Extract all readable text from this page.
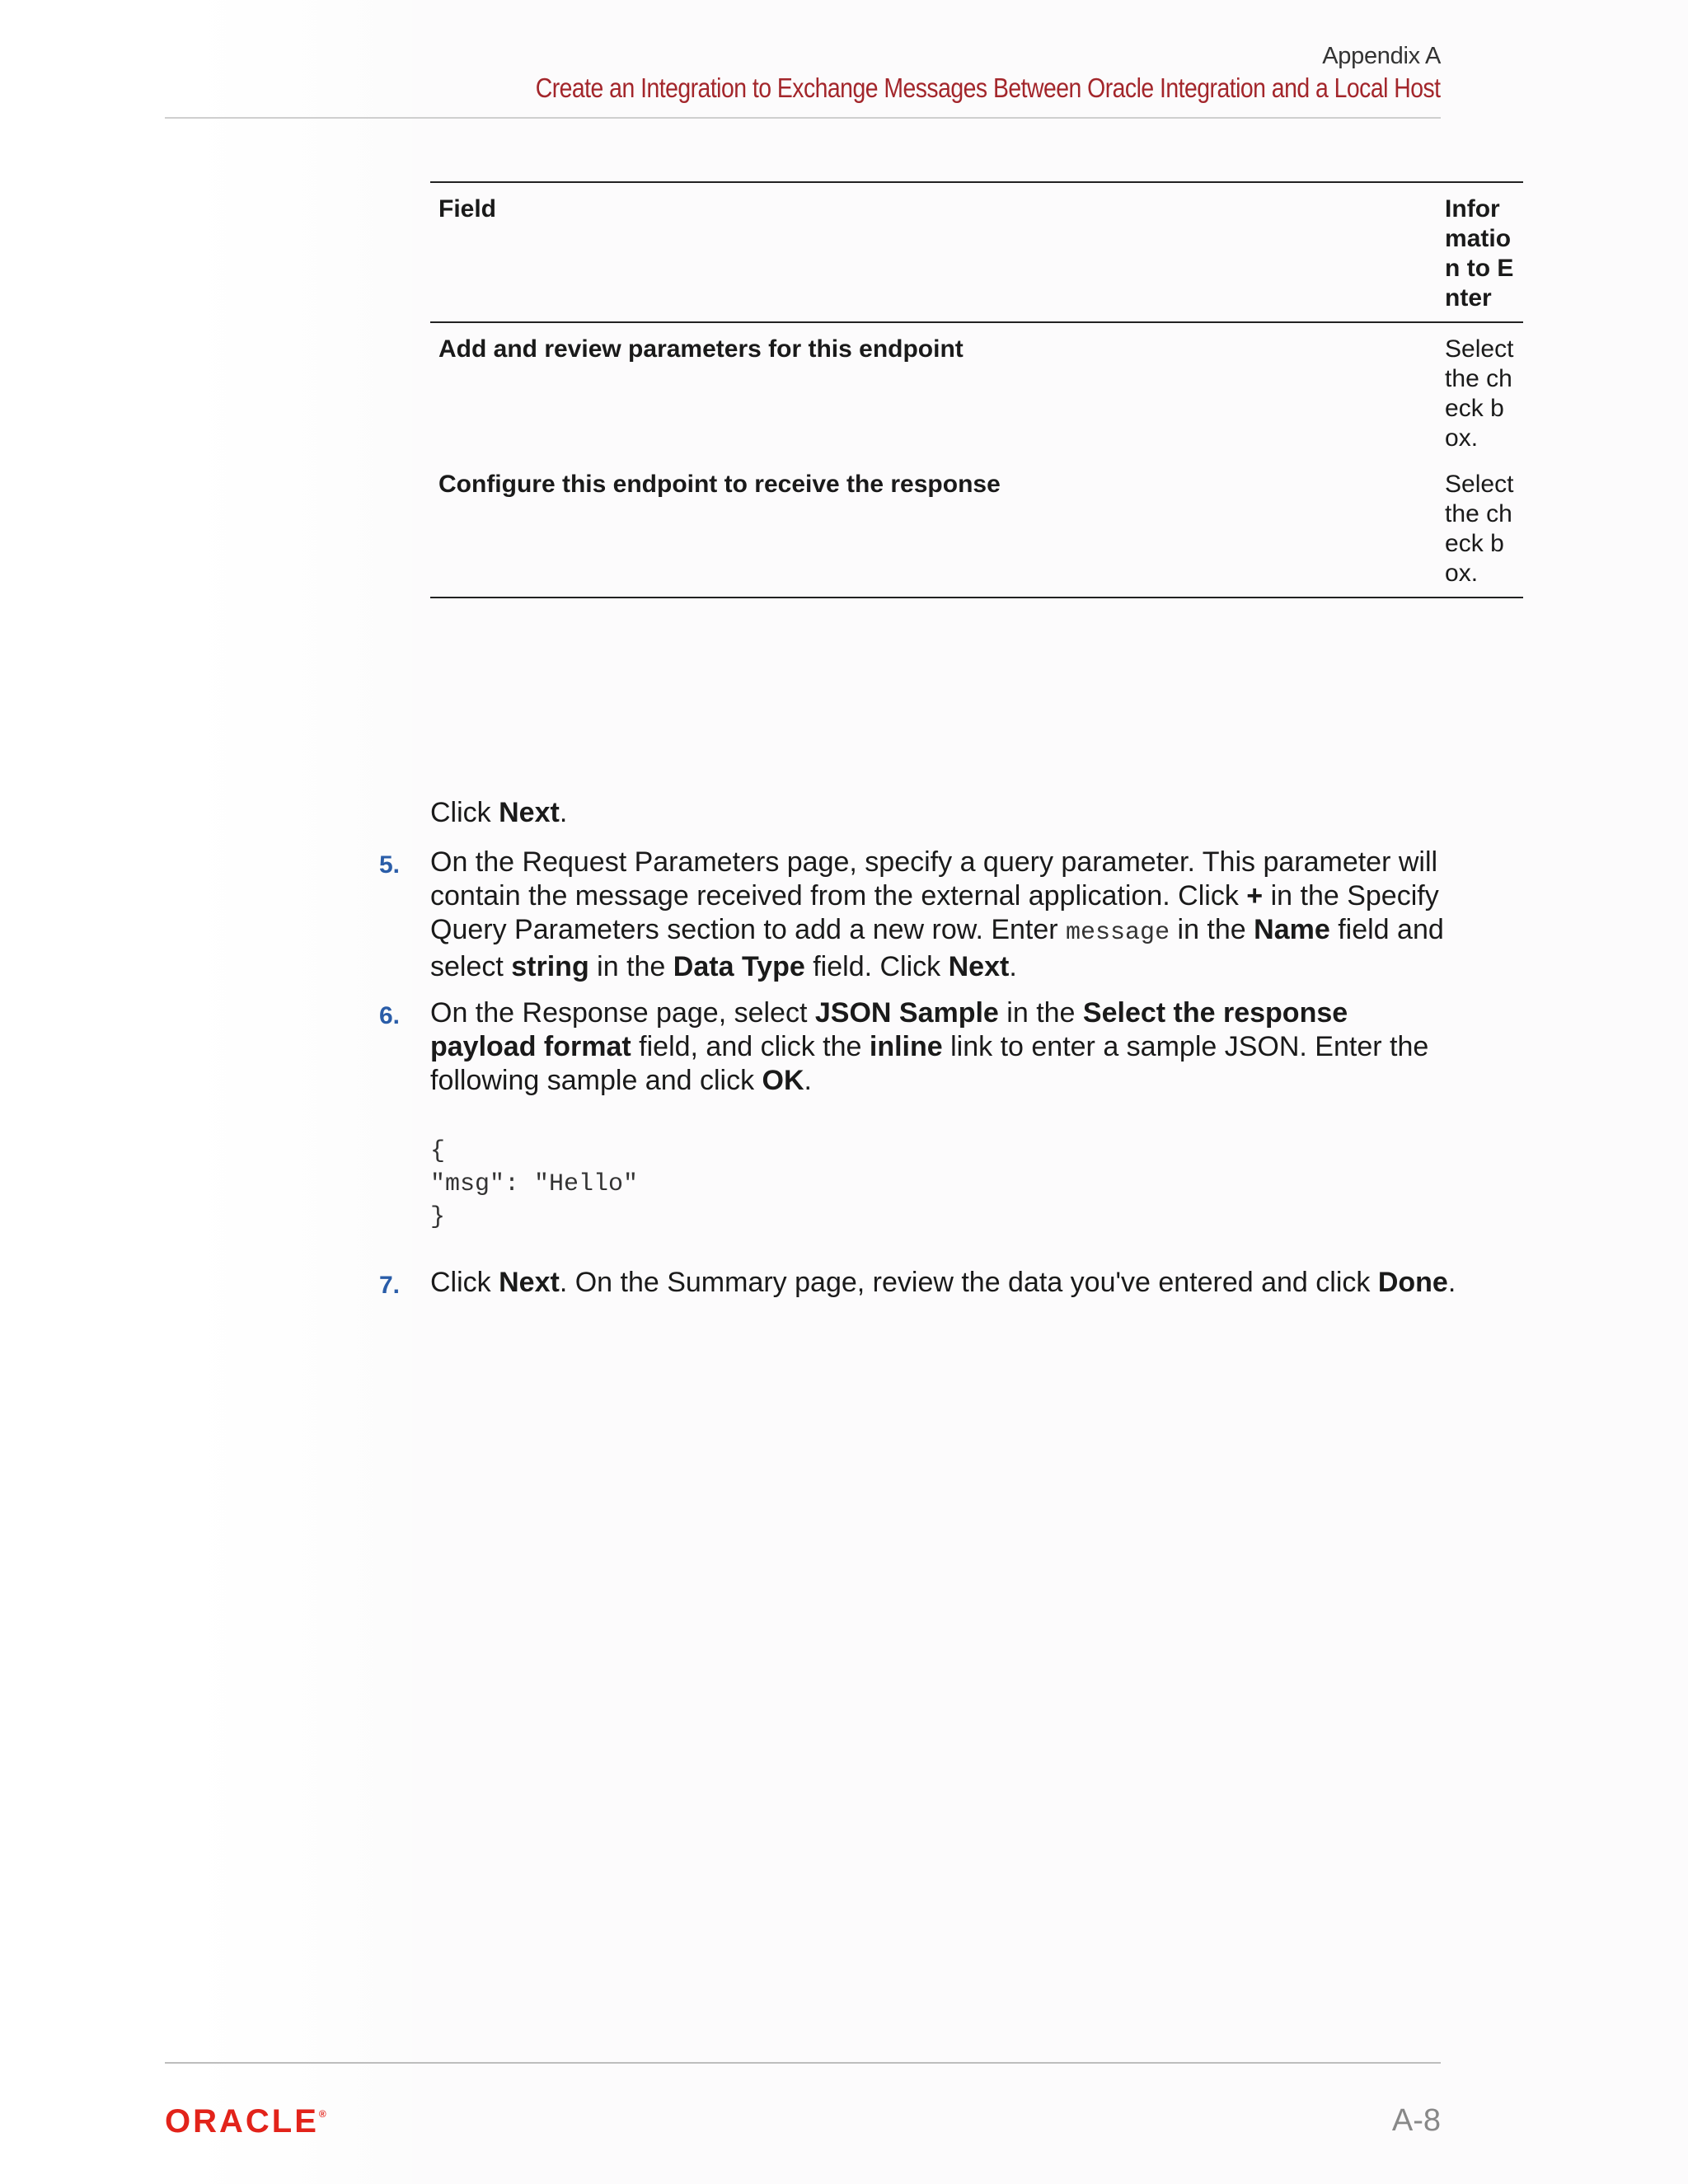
Appendix A
Create an Integration to Exchange Messages Between Oracle Integration and a Local Host
Field	Information to Enter
Add and review parameters for this endpoint	Select the check box.
Configure this endpoint to receive the response	Select the check box.
Click Next.
5. On the Request Parameters page, specify a query parameter. This parameter will contain the message received from the external application. Click + in the Specify Query Parameters section to add a new row. Enter message in the Name field and select string in the Data Type field. Click Next.
6. On the Response page, select JSON Sample in the Select the response payload format field, and click the inline link to enter a sample JSON. Enter the following sample and click OK.
{
"msg": "Hello"
}
7. Click Next. On the Summary page, review the data you've entered and click Done.
ORACLE®	A-8
